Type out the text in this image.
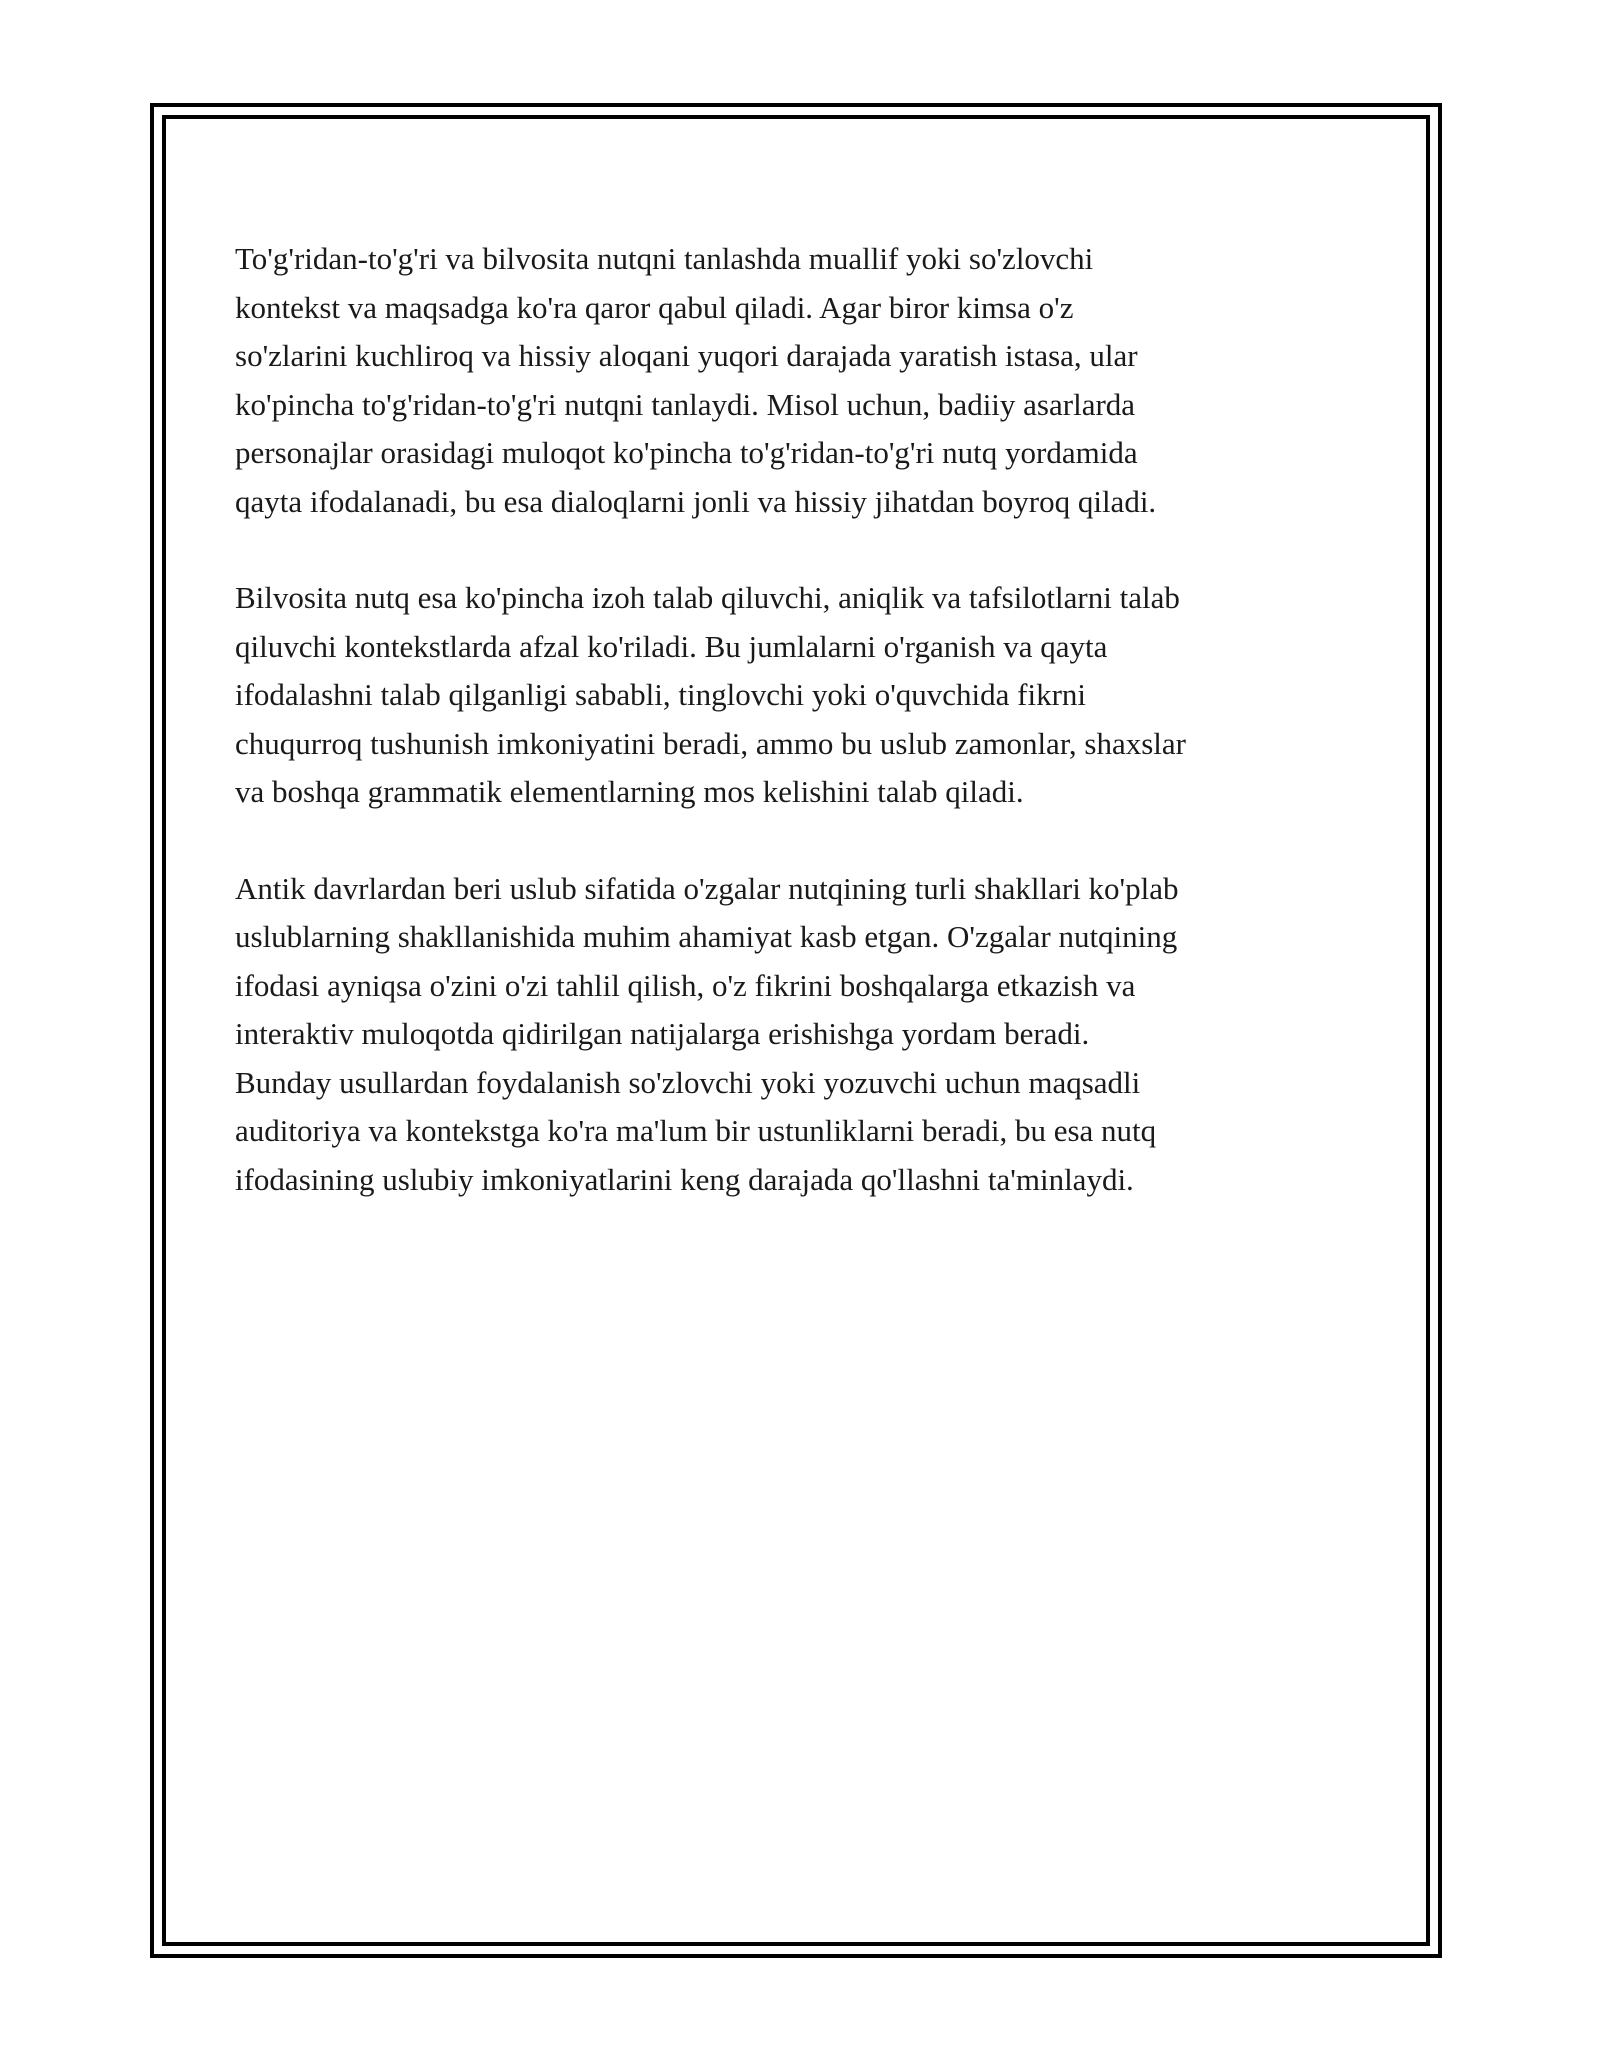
To'g'ridan-to'g'ri va bilvosita nutqni tanlashda muallif yoki so'zlovchi
kontekst va maqsadga ko'ra qaror qabul qiladi. Agar biror kimsa o'z
so'zlarini kuchliroq va hissiy aloqani yuqori darajada yaratish istasa, ular
ko'pincha to'g'ridan-to'g'ri nutqni tanlaydi. Misol uchun, badiiy asarlarda
personajlar orasidagi muloqot ko'pincha to'g'ridan-to'g'ri nutq yordamida
qayta ifodalanadi, bu esa dialoqlarni jonli va hissiy jihatdan boyroq qiladi.

Bilvosita nutq esa ko'pincha izoh talab qiluvchi, aniqlik va tafsilotlarni talab
qiluvchi kontekstlarda afzal ko'riladi. Bu jumlalarni o'rganish va qayta
ifodalashni talab qilganligi sababli, tinglovchi yoki o'quvchida fikrni
chuqurroq tushunish imkoniyatini beradi, ammo bu uslub zamonlar, shaxslar
va boshqa grammatik elementlarning mos kelishini talab qiladi.

Antik davrlardan beri uslub sifatida o'zgalar nutqining turli shakllari ko'plab
uslublarning shakllanishida muhim ahamiyat kasb etgan. O'zgalar nutqining
ifodasi ayniqsa o'zini o'zi tahlil qilish, o'z fikrini boshqalarga etkazish va
interaktiv muloqotda qidirilgan natijalarga erishishga yordam beradi.
Bunday usullardan foydalanish so'zlovchi yoki yozuvchi uchun maqsadli
auditoriya va kontekstga ko'ra ma'lum bir ustunliklarni beradi, bu esa nutq
ifodasining uslubiy imkoniyatlarini keng darajada qo'llashni ta'minlaydi.
